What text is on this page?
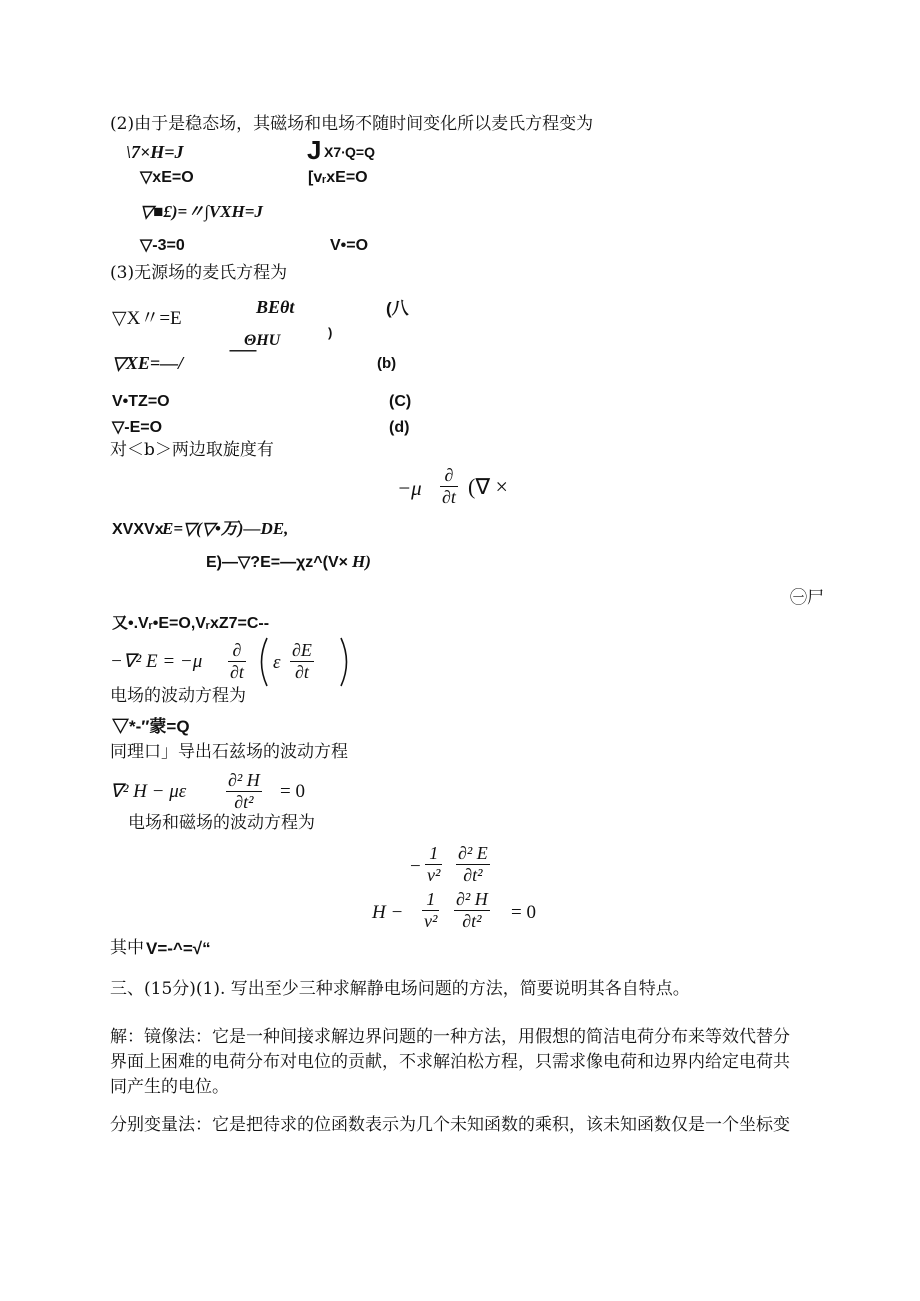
(2)由于是稳态场，其磁场和电场不随时间变化所以麦氏方程变为
\7×H=J	J X7∙Q=Q
▽xE=O	[vᵣxE=O
▽■£)=〃∫VXH=J
▽-3=0	V•=O
(3)无源场的麦氏方程为
▽X〃=E
BEθt	(八
)
ΘHU
---------
▽XE=—/	(b)
V•TZ=O	(C)
▽-E=O	(d)
对＜b＞两边取旋度有
−μ
∂
∂t (∇ ×
XVXVx
E=▽(▽•万)—DE,
E)—▽?E=—χz^(V× H)
㊀尸
又•.Vᵣ•E=O,VᵣxZ7=C--
−∇² E = −μ
∂
∂t ε $\frac{\partial E}{\partial t}$
电场的波动方程为
▽*-″蒙=Q
同理口」导出石兹场的波动方程
∇² H − με $\frac{\text{∂² H}}{\text{∂t²}} = 0$
电场和磁场的波动方程为
− $\frac{1}{\text{v²}} \frac{\text{∂² E}}{\text{∂t²}}$
$H - \frac{1}{\text{v²}} \frac{\text{∂² H}}{\text{∂t²}} = 0$
其中 V=-^=√“
三、(15分)(1). 写出至少三种求解静电场问题的方法，简要说明其各自特点。
解：镜像法：它是一种间接求解边界问题的一种方法，用假想的简洁电荷分布来等效代替分
界面上困难的电荷分布对电位的贡献，不求解泊松方程，只需求像电荷和边界内给定电荷共
同产生的电位。
分别变量法：它是把待求的位函数表示为几个未知函数的乘积，该未知函数仅是一个坐标变
